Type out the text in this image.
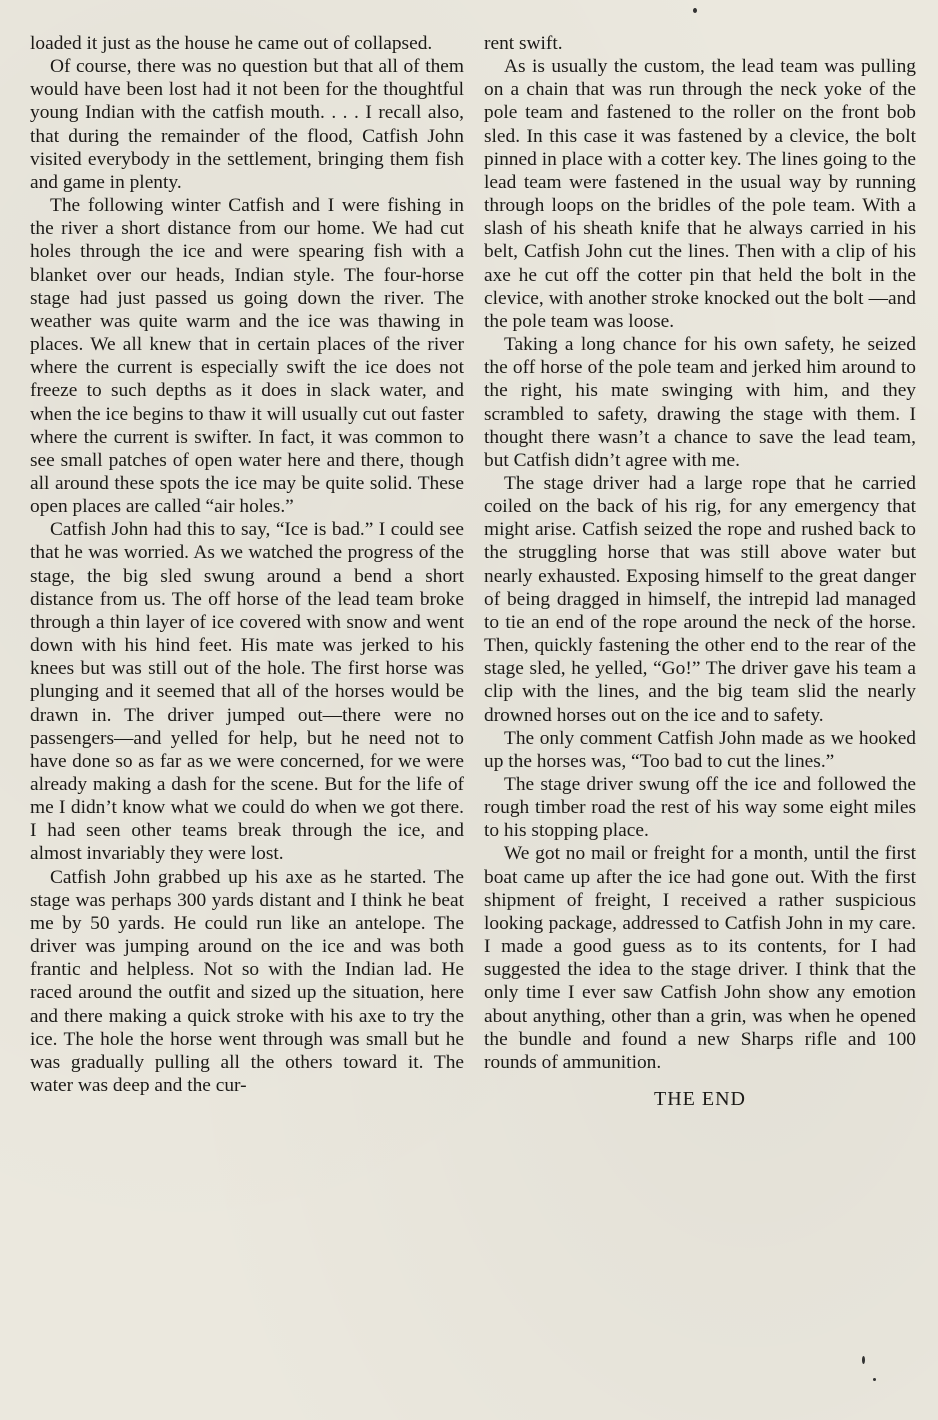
loaded it just as the house he came out of collapsed.

Of course, there was no question but that all of them would have been lost had it not been for the thoughtful young Indian with the catfish mouth. . . . I recall also, that during the remainder of the flood, Catfish John visited everybody in the settlement, bringing them fish and game in plenty.

The following winter Catfish and I were fishing in the river a short distance from our home. We had cut holes through the ice and were spearing fish with a blanket over our heads, Indian style. The four-horse stage had just passed us going down the river. The weather was quite warm and the ice was thawing in places. We all knew that in certain places of the river where the current is especially swift the ice does not freeze to such depths as it does in slack water, and when the ice begins to thaw it will usually cut out faster where the current is swifter. In fact, it was common to see small patches of open water here and there, though all around these spots the ice may be quite solid. These open places are called “air holes.”

Catfish John had this to say, “Ice is bad.” I could see that he was worried. As we watched the progress of the stage, the big sled swung around a bend a short distance from us. The off horse of the lead team broke through a thin layer of ice covered with snow and went down with his hind feet. His mate was jerked to his knees but was still out of the hole. The first horse was plunging and it seemed that all of the horses would be drawn in. The driver jumped out—there were no passengers—and yelled for help, but he need not to have done so as far as we were concerned, for we were already making a dash for the scene. But for the life of me I didn’t know what we could do when we got there. I had seen other teams break through the ice, and almost invariably they were lost.

Catfish John grabbed up his axe as he started. The stage was perhaps 300 yards distant and I think he beat me by 50 yards. He could run like an antelope. The driver was jumping around on the ice and was both frantic and helpless. Not so with the Indian lad. He raced around the outfit and sized up the situation, here and there making a quick stroke with his axe to try the ice. The hole the horse went through was small but he was gradually pulling all the others toward it. The water was deep and the cur-

rent swift.

As is usually the custom, the lead team was pulling on a chain that was run through the neck yoke of the pole team and fastened to the roller on the front bob sled. In this case it was fastened by a clevice, the bolt pinned in place with a cotter key. The lines going to the lead team were fastened in the usual way by running through loops on the bridles of the pole team. With a slash of his sheath knife that he always carried in his belt, Catfish John cut the lines. Then with a clip of his axe he cut off the cotter pin that held the bolt in the clevice, with another stroke knocked out the bolt —and the pole team was loose.

Taking a long chance for his own safety, he seized the off horse of the pole team and jerked him around to the right, his mate swinging with him, and they scrambled to safety, drawing the stage with them. I thought there wasn’t a chance to save the lead team, but Catfish didn’t agree with me.

The stage driver had a large rope that he carried coiled on the back of his rig, for any emergency that might arise. Catfish seized the rope and rushed back to the struggling horse that was still above water but nearly exhausted. Exposing himself to the great danger of being dragged in himself, the intrepid lad managed to tie an end of the rope around the neck of the horse. Then, quickly fastening the other end to the rear of the stage sled, he yelled, “Go!” The driver gave his team a clip with the lines, and the big team slid the nearly drowned horses out on the ice and to safety.

The only comment Catfish John made as we hooked up the horses was, “Too bad to cut the lines.”

The stage driver swung off the ice and followed the rough timber road the rest of his way some eight miles to his stopping place.

We got no mail or freight for a month, until the first boat came up after the ice had gone out. With the first shipment of freight, I received a rather suspicious looking package, addressed to Catfish John in my care. I made a good guess as to its contents, for I had suggested the idea to the stage driver. I think that the only time I ever saw Catfish John show any emotion about anything, other than a grin, was when he opened the bundle and found a new Sharps rifle and 100 rounds of ammunition.

THE END
